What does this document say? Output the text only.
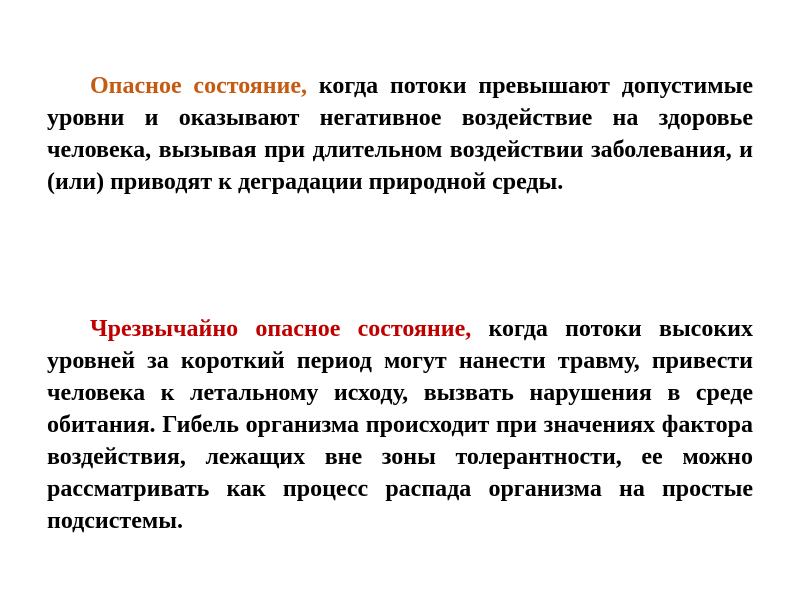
Опасное состояние, когда потоки превышают допустимые уровни и оказывают негативное воздействие на здоровье человека, вызывая при длительном воздействии заболевания, и (или) приводят к деградации природной среды.

Чрезвычайно опасное состояние, когда потоки высоких уровней за короткий период могут нанести травму, привести человека к летальному исходу, вызвать нарушения в среде обитания. Гибель организма происходит при значениях фактора воздействия, лежащих вне зоны толерантности, ее можно рассматривать как процесс распада организма на простые подсистемы.
